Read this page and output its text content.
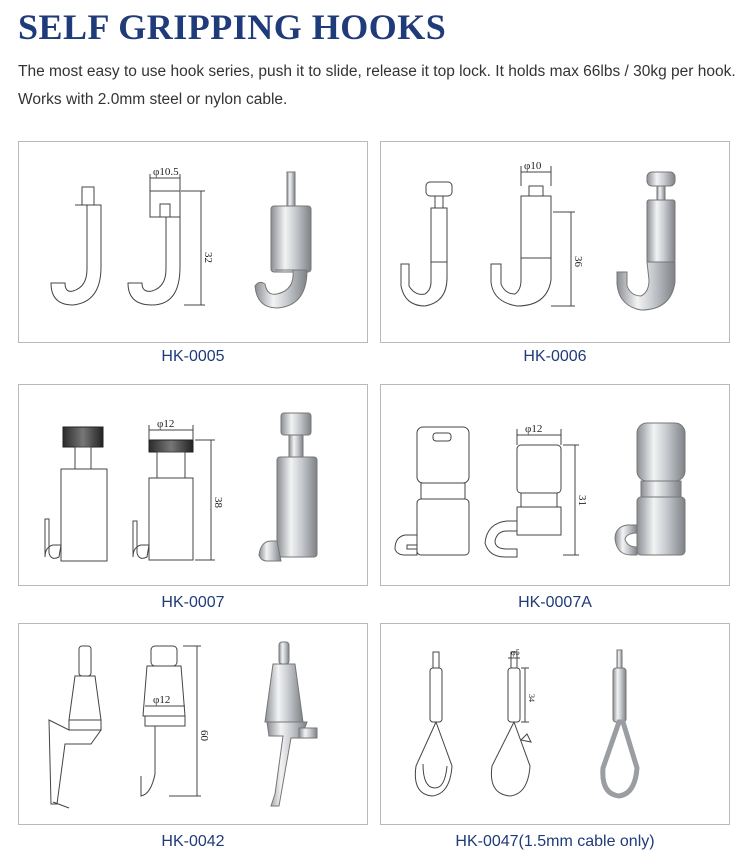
SELF GRIPPING HOOKS
The most easy to use hook series, push it to slide, release it top lock. It holds max 66lbs / 30kg per hook. Works with 2.0mm steel or nylon cable.
φ10.5
32
HK-0005
φ10
36
HK-0006
φ12
38
HK-0007
φ12
31
HK-0007A
φ12
60
HK-0042
φ5
34
HK-0047(1.5mm cable only)
